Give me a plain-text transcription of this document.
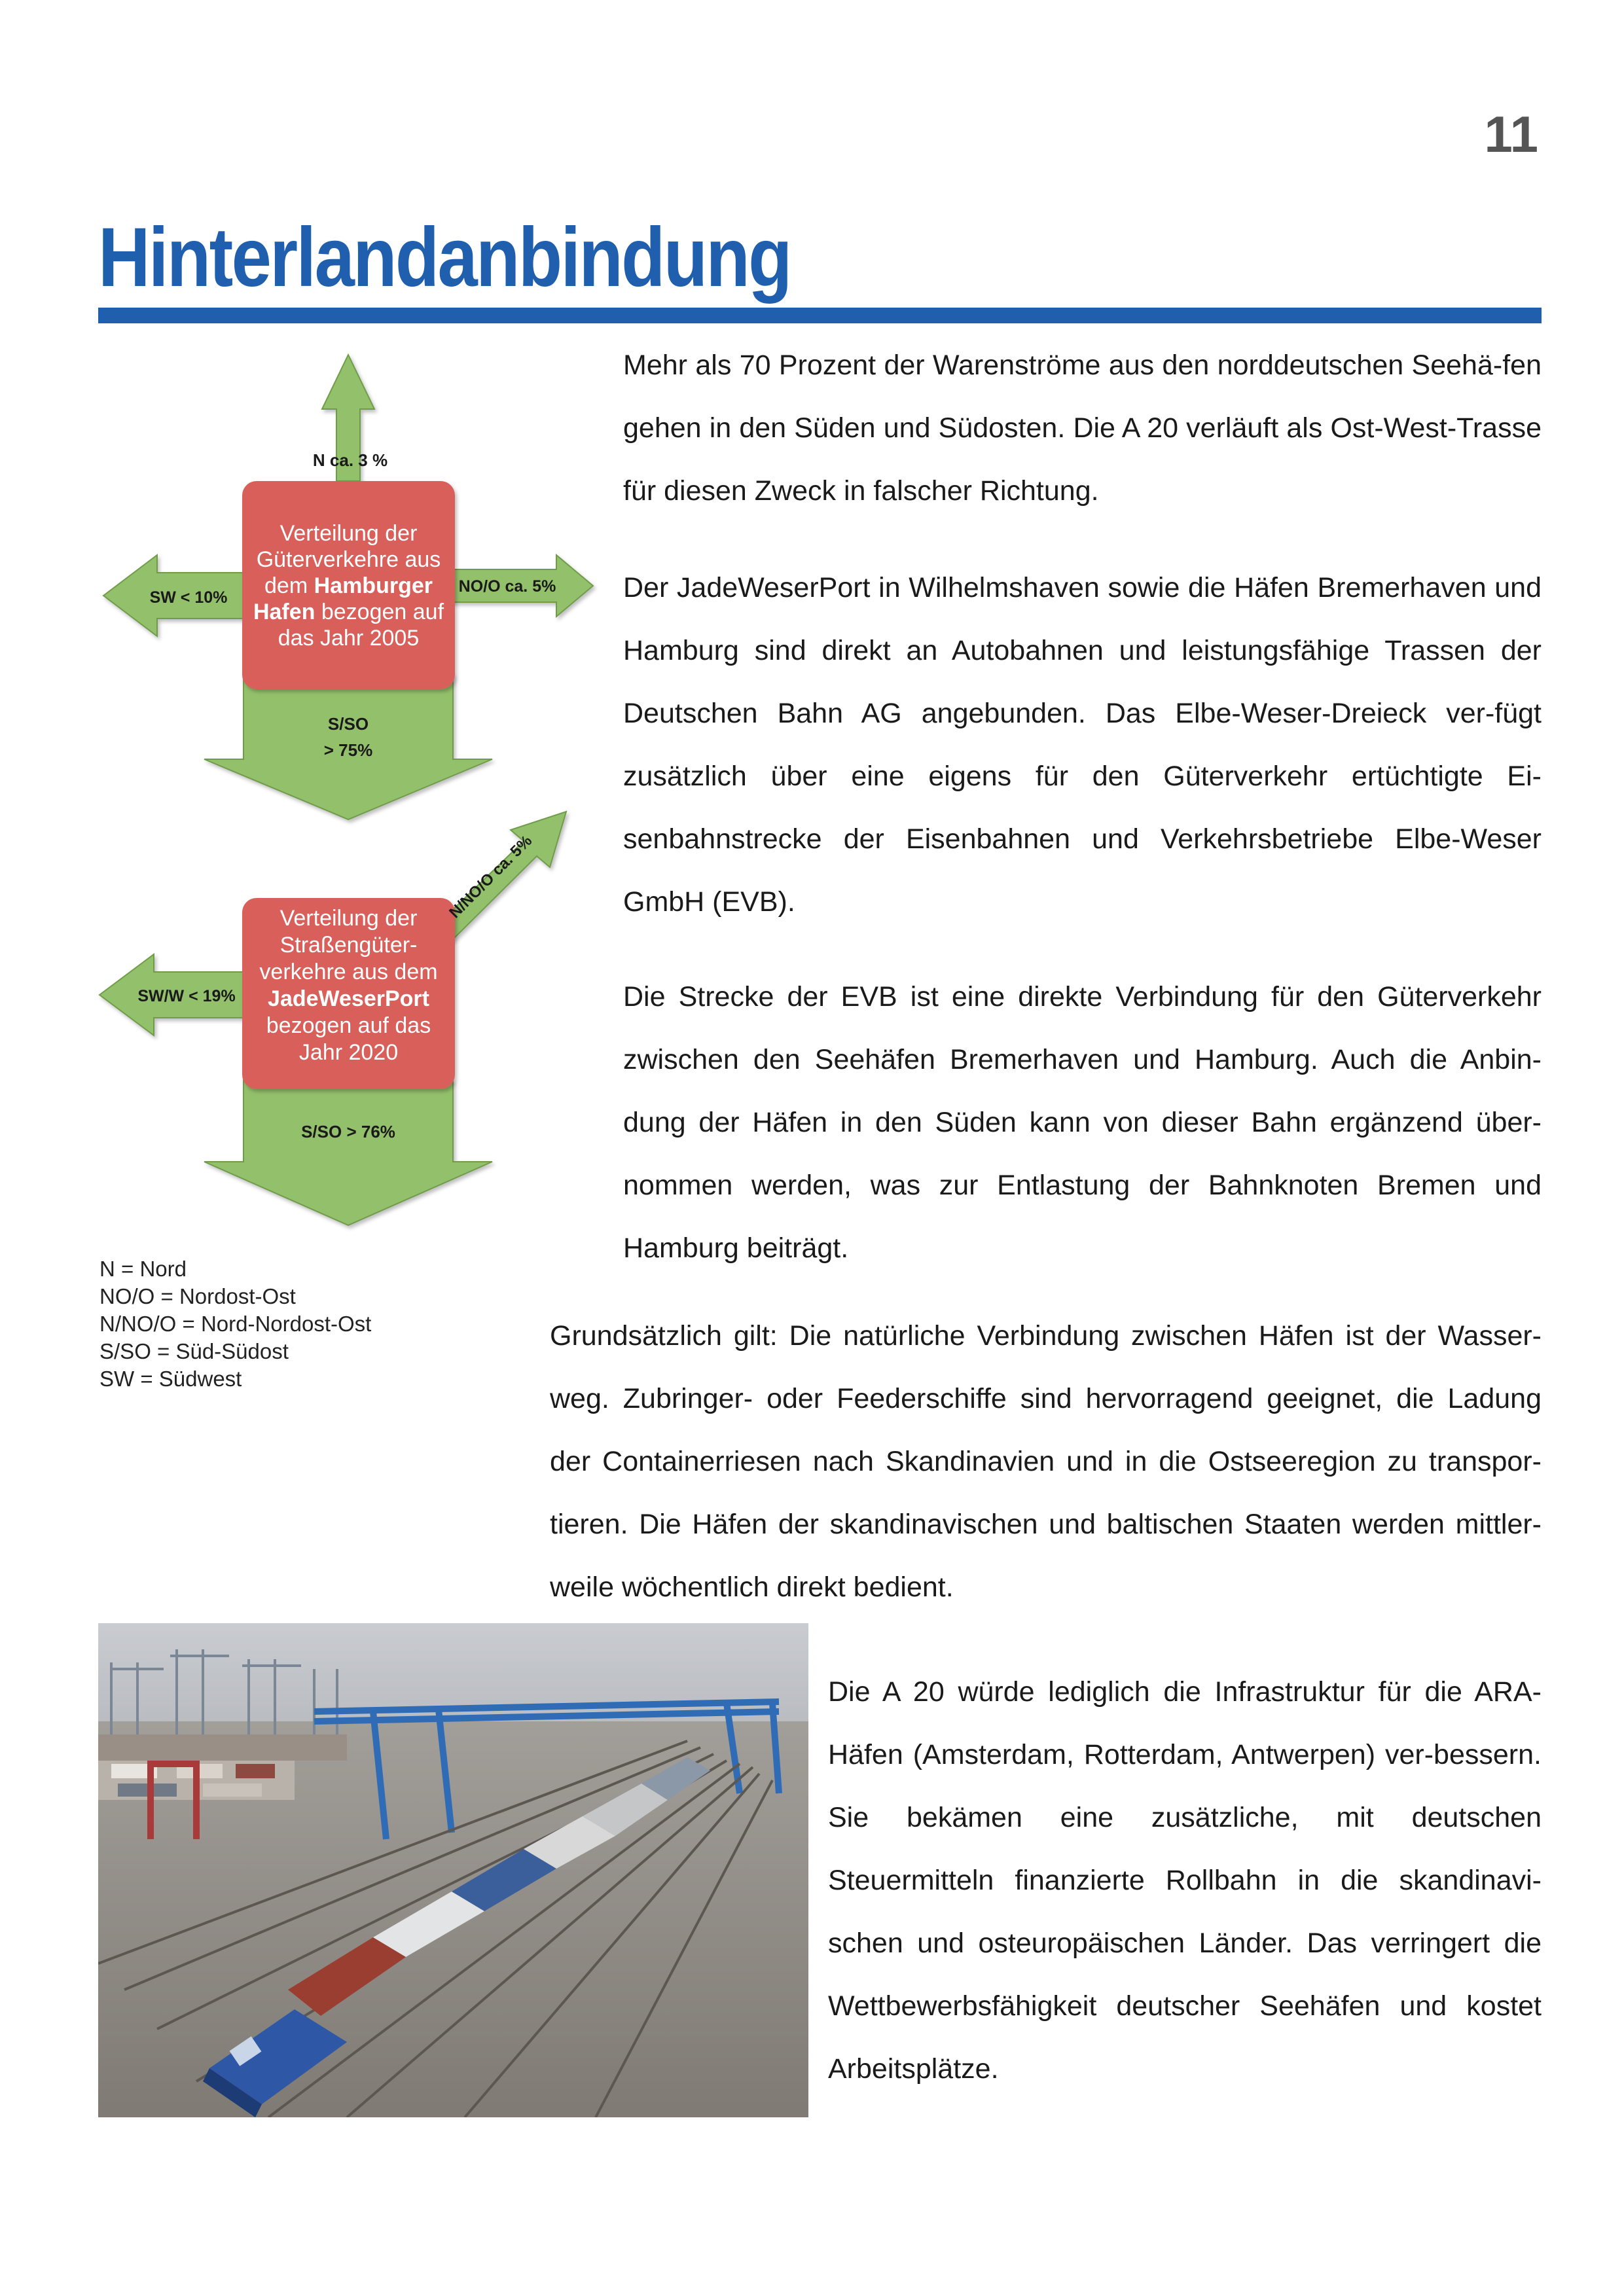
11
Hinterlandanbindung
N ca. 3 %
SW < 10%
NO/O ca. 5%
S/SO
> 75%
Verteilung der
Güterverkehre aus
dem Hamburger
Hafen bezogen auf
das Jahr 2005
N/NO/O ca. 5%
SW/W < 19%
S/SO > 76%
Verteilung der
Straßengüter-
verkehre aus dem
JadeWeserPort
bezogen auf das
Jahr 2020
N = Nord
NO/O = Nordost-Ost
N/NO/O = Nord-Nordost-Ost
S/SO = Süd-Südost
SW = Südwest

Mehr als 70 Prozent der Warenströme aus den norddeutschen Seehä-fen gehen in den Süden und Südosten. Die A 20 verläuft als Ost-West-Trasse für diesen Zweck in falscher Richtung.

Der JadeWeserPort in Wilhelmshaven sowie die Häfen Bremerhaven und Hamburg sind direkt an Autobahnen und leistungsfähige Trassen der Deutschen Bahn AG angebunden. Das Elbe-Weser-Dreieck ver-fügt zusätzlich über eine eigens für den Güterverkehr ertüchtigte Ei-senbahnstrecke der Eisenbahnen und Verkehrsbetriebe Elbe-Weser GmbH (EVB).

Die Strecke der EVB ist eine direkte Verbindung für den Güterverkehr zwischen den Seehäfen Bremerhaven und Hamburg. Auch die Anbin-dung der Häfen in den Süden kann von dieser Bahn ergänzend über-nommen werden, was zur Entlastung der Bahnknoten Bremen und Hamburg beiträgt.

Grundsätzlich gilt: Die natürliche Verbindung zwischen Häfen ist der Wasser-weg. Zubringer- oder Feederschiffe sind hervorragend geeignet, die Ladung der Containerriesen nach Skandinavien und in die Ostseeregion zu transpor-tieren. Die Häfen der skandinavischen und baltischen Staaten werden mittler-weile wöchentlich direkt bedient.

Die A 20 würde lediglich die Infrastruktur für die ARA-Häfen (Amsterdam, Rotterdam, Antwerpen) ver-bessern. Sie bekämen eine zusätzliche, mit deutschen Steuermitteln finanzierte Rollbahn in die skandinavi-schen und osteuropäischen Länder. Das verringert die Wettbewerbsfähigkeit deutscher Seehäfen und kostet Arbeitsplätze.
